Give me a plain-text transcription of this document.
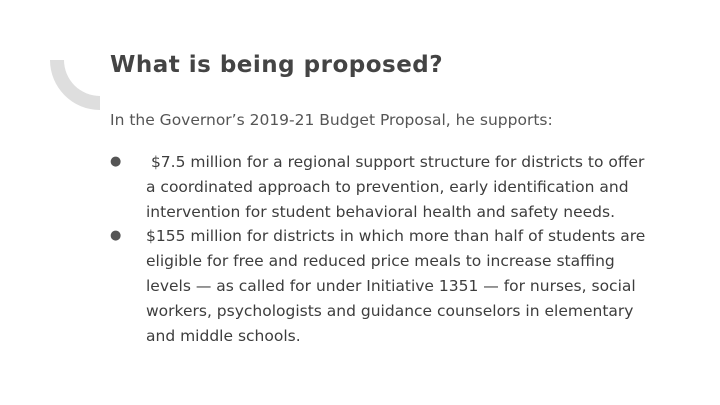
What is being proposed?

In the Governor’s 2019-21 Budget Proposal, he supports:

●	$7.5 million for a regional support structure for districts to offer a coordinated approach to prevention, early identification and intervention for student behavioral health and safety needs.
●	$155 million for districts in which more than half of students are eligible for free and reduced price meals to increase staffing levels — as called for under Initiative 1351 — for nurses, social workers, psychologists and guidance counselors in elementary and middle schools.
